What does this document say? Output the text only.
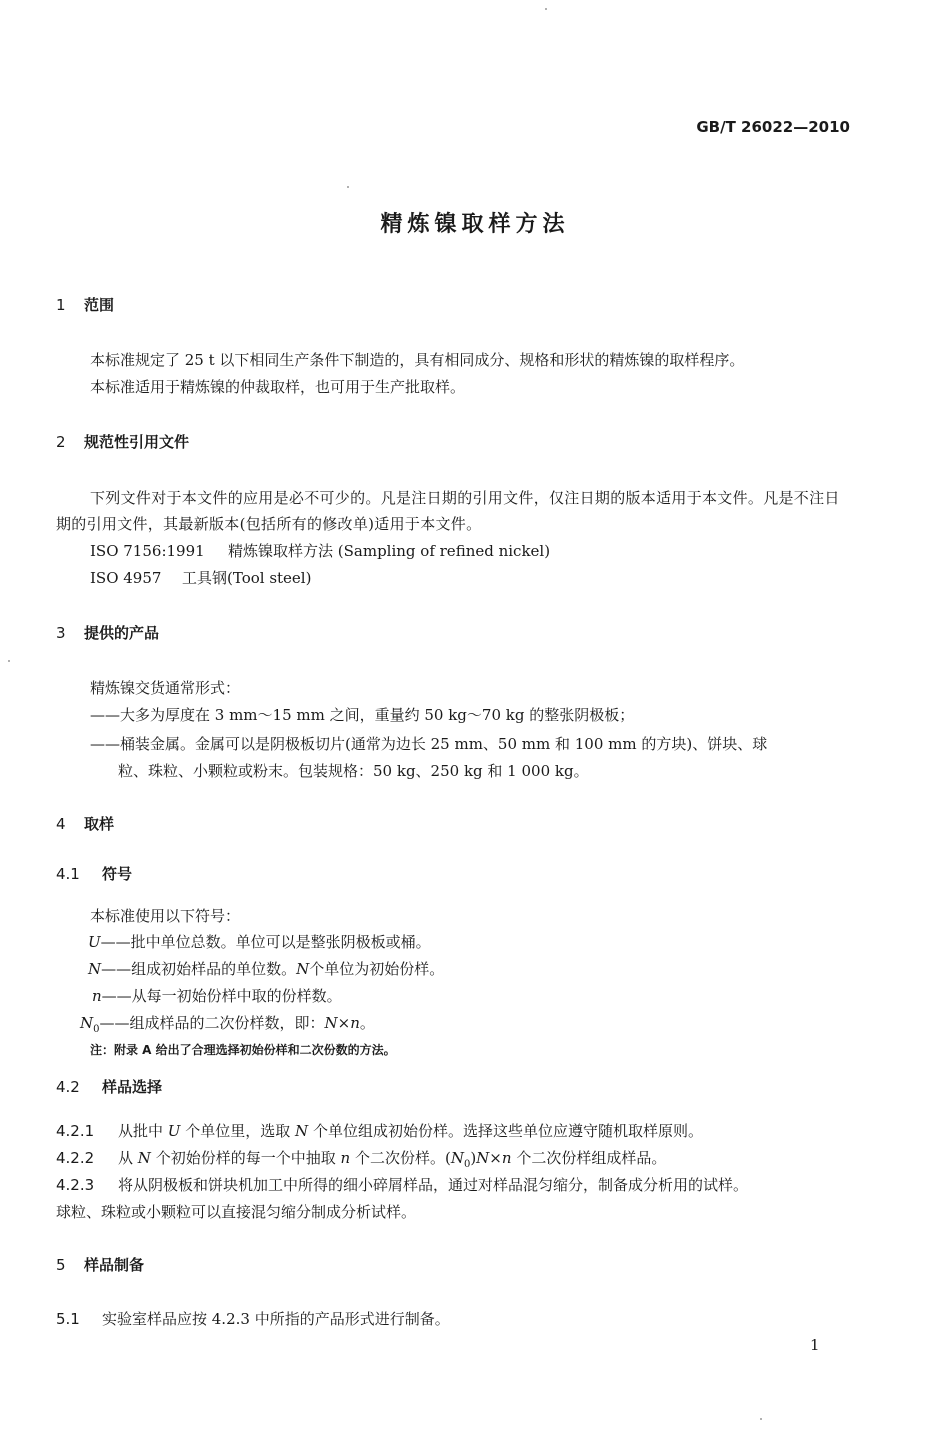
GB/T 26022—2010
精炼镍取样方法
1 范围
本标准规定了 25 t 以下相同生产条件下制造的，具有相同成分、规格和形状的精炼镍的取样程序。
本标准适用于精炼镍的仲裁取样，也可用于生产批取样。
2 规范性引用文件
下列文件对于本文件的应用是必不可少的。凡是注日期的引用文件，仅注日期的版本适用于本文件。凡是不注日期的引用文件，其最新版本(包括所有的修改单)适用于本文件。
ISO 7156:1991 精炼镍取样方法 (Sampling of refined nickel)
ISO 4957 工具钢(Tool steel)
3 提供的产品
精炼镍交货通常形式：
——大多为厚度在 3 mm～15 mm 之间，重量约 50 kg～70 kg 的整张阴极板；
——桶装金属。金属可以是阴极板切片(通常为边长 25 mm、50 mm 和 100 mm 的方块)、饼块、球
粒、珠粒、小颗粒或粉末。包装规格：50 kg、250 kg 和 1 000 kg。
4 取样
4.1 符号
本标准使用以下符号：
U——批中单位总数。单位可以是整张阴极板或桶。
N——组成初始样品的单位数。N个单位为初始份样。
n——从每一初始份样中取的份样数。
$N_0——$组成样品的二次份样数，即：N×n。
注：附录 A 给出了合理选择初始份样和二次份数的方法。
4.2 样品选择
4.2.1 从批中 U 个单位里，选取 N 个单位组成初始份样。选择这些单位应遵守随机取样原则。
4.2.2 从 N 个初始份样的每一个中抽取 n 个二次份样。$(N_0)N\times n$ 个二次份样组成样品。
4.2.3 将从阴极板和饼块机加工中所得的细小碎屑样品，通过对样品混匀缩分，制备成分析用的试样。
球粒、珠粒或小颗粒可以直接混匀缩分制成分析试样。
5 样品制备
5.1 实验室样品应按 4.2.3 中所指的产品形式进行制备。
1
